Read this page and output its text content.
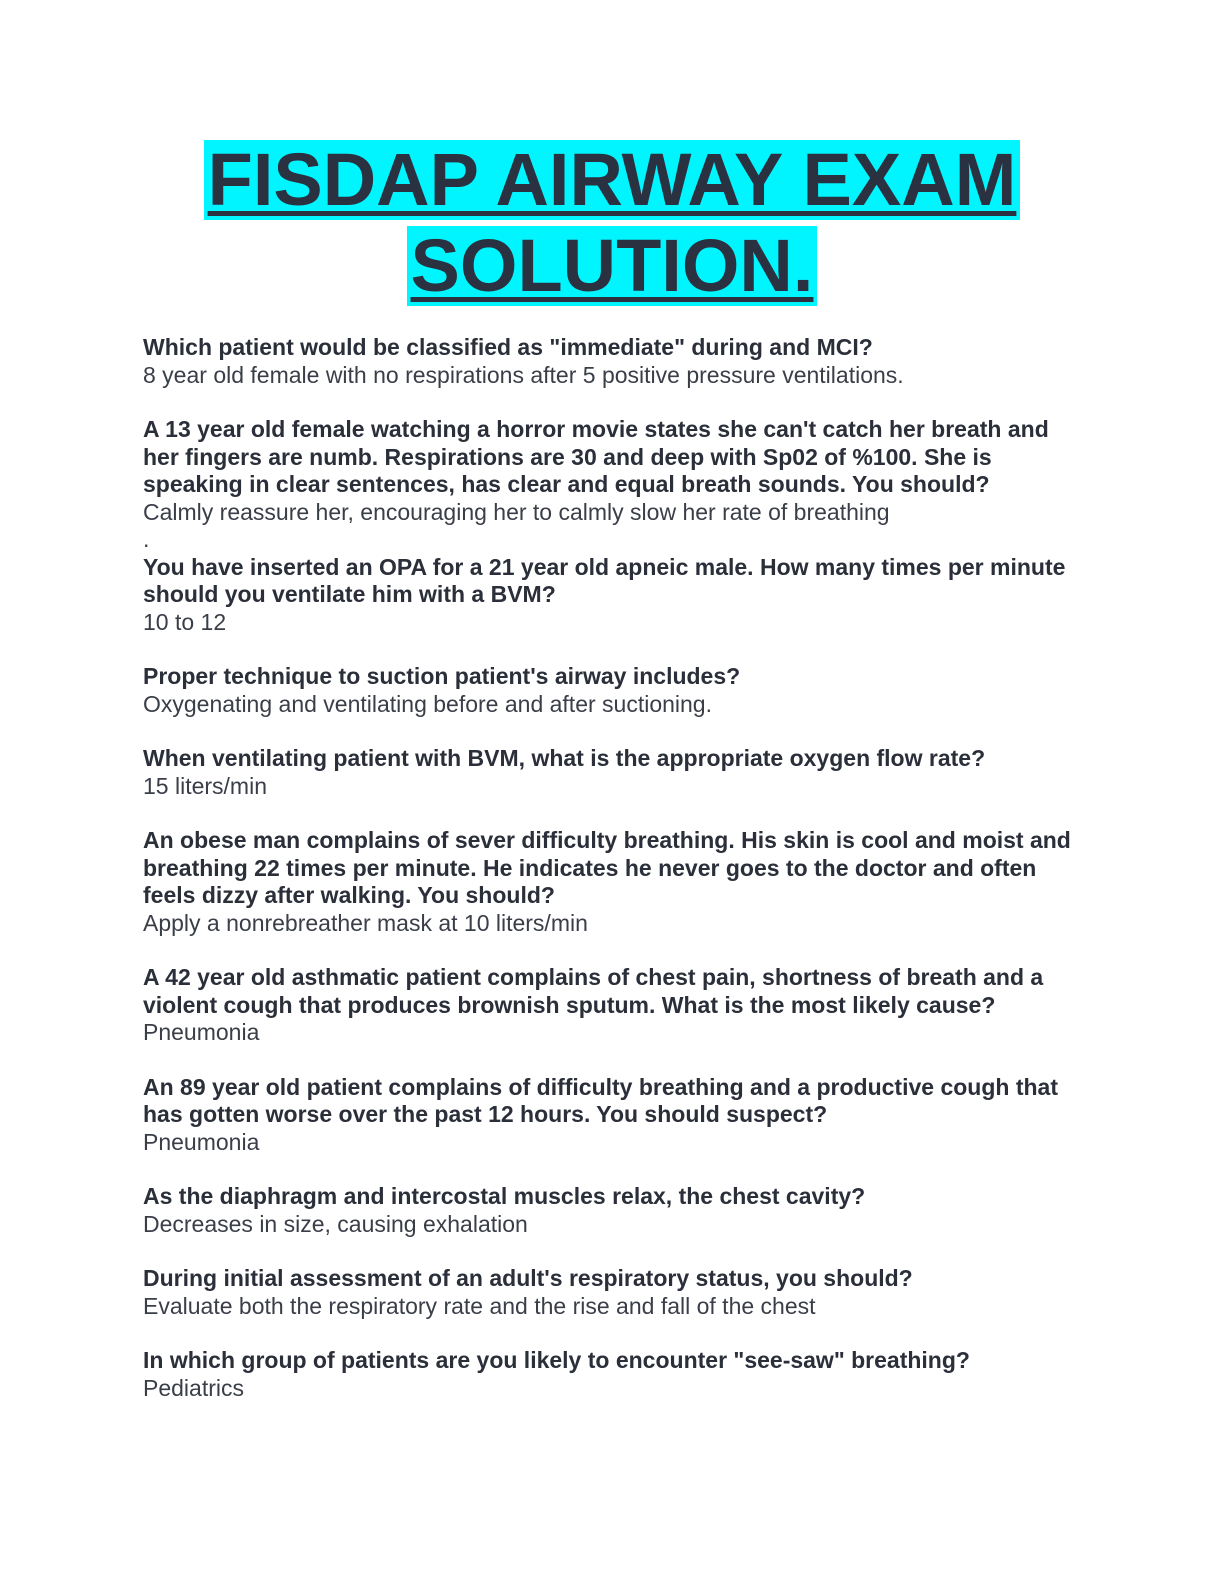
FISDAP AIRWAY EXAM
SOLUTION.
Which patient would be classified as "immediate" during and MCI?
8 year old female with no respirations after 5 positive pressure ventilations.
A 13 year old female watching a horror movie states she can't catch her breath and her fingers are numb. Respirations are 30 and deep with Sp02 of %100. She is speaking in clear sentences, has clear and equal breath sounds. You should?
Calmly reassure her, encouraging her to calmly slow her rate of breathing
.
You have inserted an OPA for a 21 year old apneic male. How many times per minute should you ventilate him with a BVM?
10 to 12
Proper technique to suction patient's airway includes?
Oxygenating and ventilating before and after suctioning.
When ventilating patient with BVM, what is the appropriate oxygen flow rate?
15 liters/min
An obese man complains of sever difficulty breathing. His skin is cool and moist and breathing 22 times per minute. He indicates he never goes to the doctor and often feels dizzy after walking. You should?
Apply a nonrebreather mask at 10 liters/min
A 42 year old asthmatic patient complains of chest pain, shortness of breath and a violent cough that produces brownish sputum. What is the most likely cause?
Pneumonia
An 89 year old patient complains of difficulty breathing and a productive cough that has gotten worse over the past 12 hours. You should suspect?
Pneumonia
As the diaphragm and intercostal muscles relax, the chest cavity?
Decreases in size, causing exhalation
During initial assessment of an adult's respiratory status, you should?
Evaluate both the respiratory rate and the rise and fall of the chest
In which group of patients are you likely to encounter "see-saw" breathing?
Pediatrics
